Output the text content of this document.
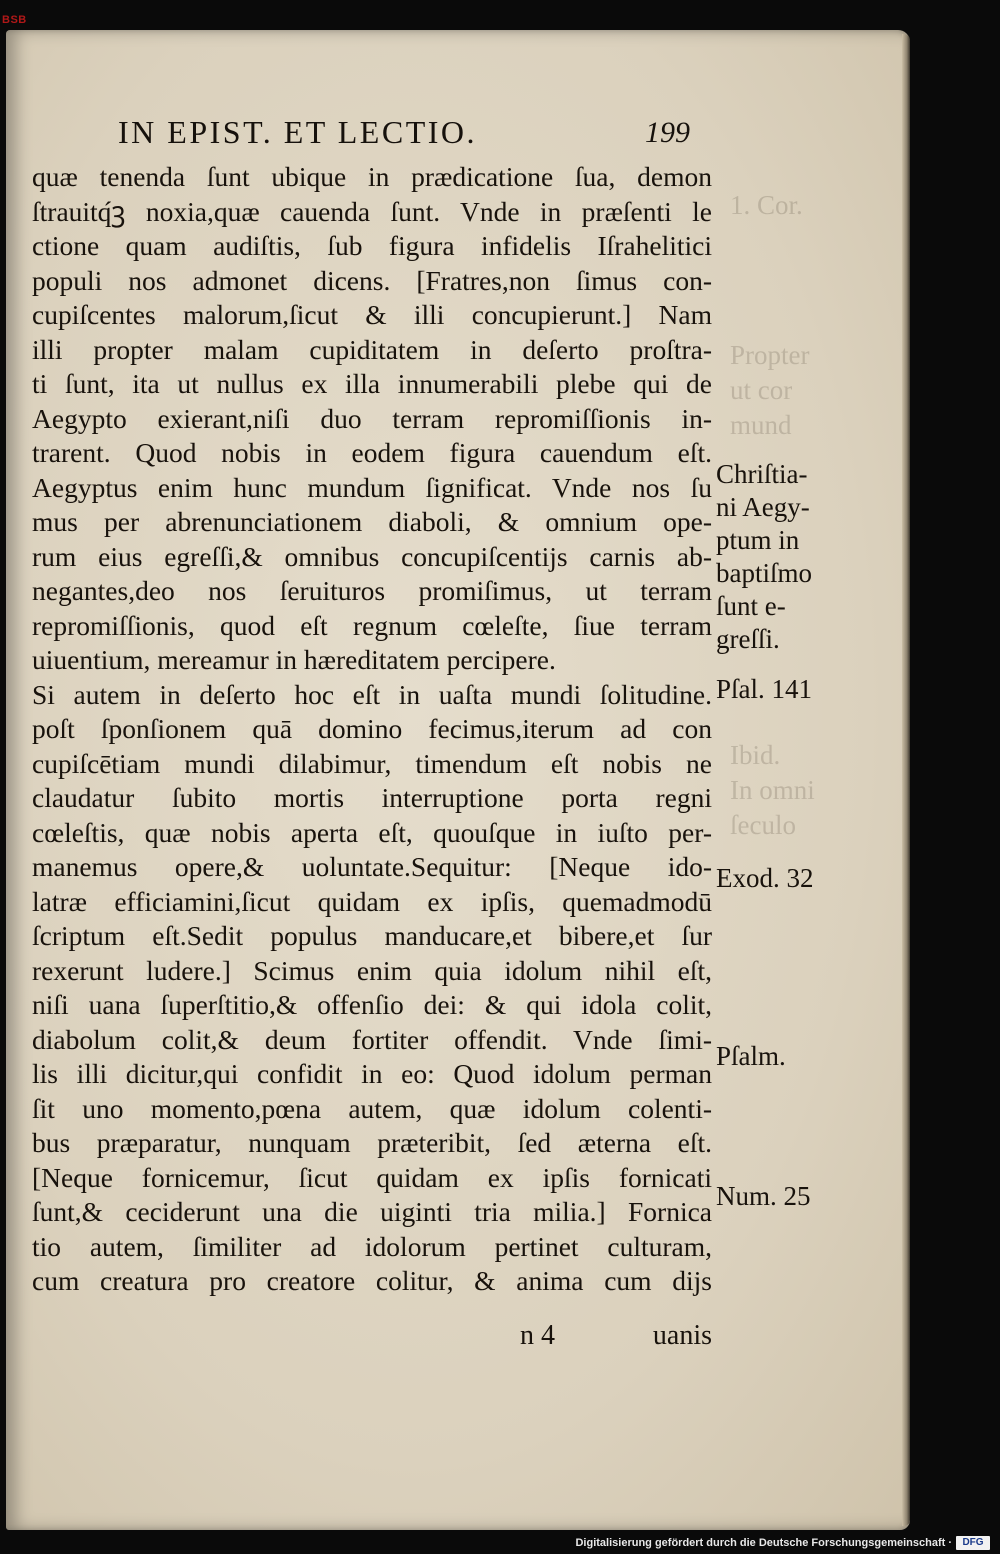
BSB
1. Cor.
Propter
ut cor
mund
Ibid.
In omni
ſeculo
IN EPIST. ET LECTIO.	199
quæ tenenda ſunt ubique in prædicatione ſua, demon
ſtrauitq́ꝫ noxia,quæ cauenda ſunt. Vnde in præſenti le
ctione quam audiſtis, ſub figura infidelis Iſrahelitici
populi nos admonet dicens. [Fratres,non ſimus con-
cupiſcentes malorum,ſicut & illi concupierunt.] Nam
illi propter malam cupiditatem in deſerto proſtra-
ti ſunt, ita ut nullus ex illa innumerabili plebe qui de
Aegypto exierant,niſi duo terram repromiſſionis in-
trarent. Quod nobis in eodem figura cauendum eſt.
Aegyptus enim hunc mundum ſignificat. Vnde nos ſu
mus per abrenunciationem diaboli, & omnium ope-
rum eius egreſſi,& omnibus concupiſcentijs carnis ab-
negantes,deo nos ſeruituros promiſimus, ut terram
repromiſſionis, quod eſt regnum cœleſte, ſiue terram
uiuentium, mereamur in hæreditatem percipere.
Si autem in deſerto hoc eſt in uaſta mundi ſolitudine.
poſt ſponſionem quā domino fecimus,iterum ad con
cupiſcētiam mundi dilabimur, timendum eſt nobis ne
claudatur ſubito mortis interruptione porta regni
cœleſtis, quæ nobis aperta eſt, quouſque in iuſto per-
manemus opere,& uoluntate.Sequitur: [Neque ido-
latræ efficiamini,ſicut quidam ex ipſis, quemadmodū
ſcriptum eſt.Sedit populus manducare,et bibere,et ſur
rexerunt ludere.] Scimus enim quia idolum nihil eſt,
niſi uana ſuperſtitio,& offenſio dei: & qui idola colit,
diabolum colit,& deum fortiter offendit. Vnde ſimi-
lis illi dicitur,qui confidit in eo: Quod idolum perman
ſit uno momento,pœna autem, quæ idolum colenti-
bus præparatur, nunquam præteribit, ſed æterna eſt.
[Neque fornicemur, ſicut quidam ex ipſis fornicati
ſunt,& ceciderunt una die uiginti tria milia.] Fornica
tio autem, ſimiliter ad idolorum pertinet culturam,
cum creatura pro creatore colitur, & anima cum dijs
Chriſtia-
ni Aegy-
ptum in
baptiſmo
ſunt e-
greſſi.
Pſal. 141
Exod. 32
Pſalm.
Num. 25
n 4	uanis
Digitalisierung gefördert durch die Deutsche Forschungsgemeinschaft ·	DFG
